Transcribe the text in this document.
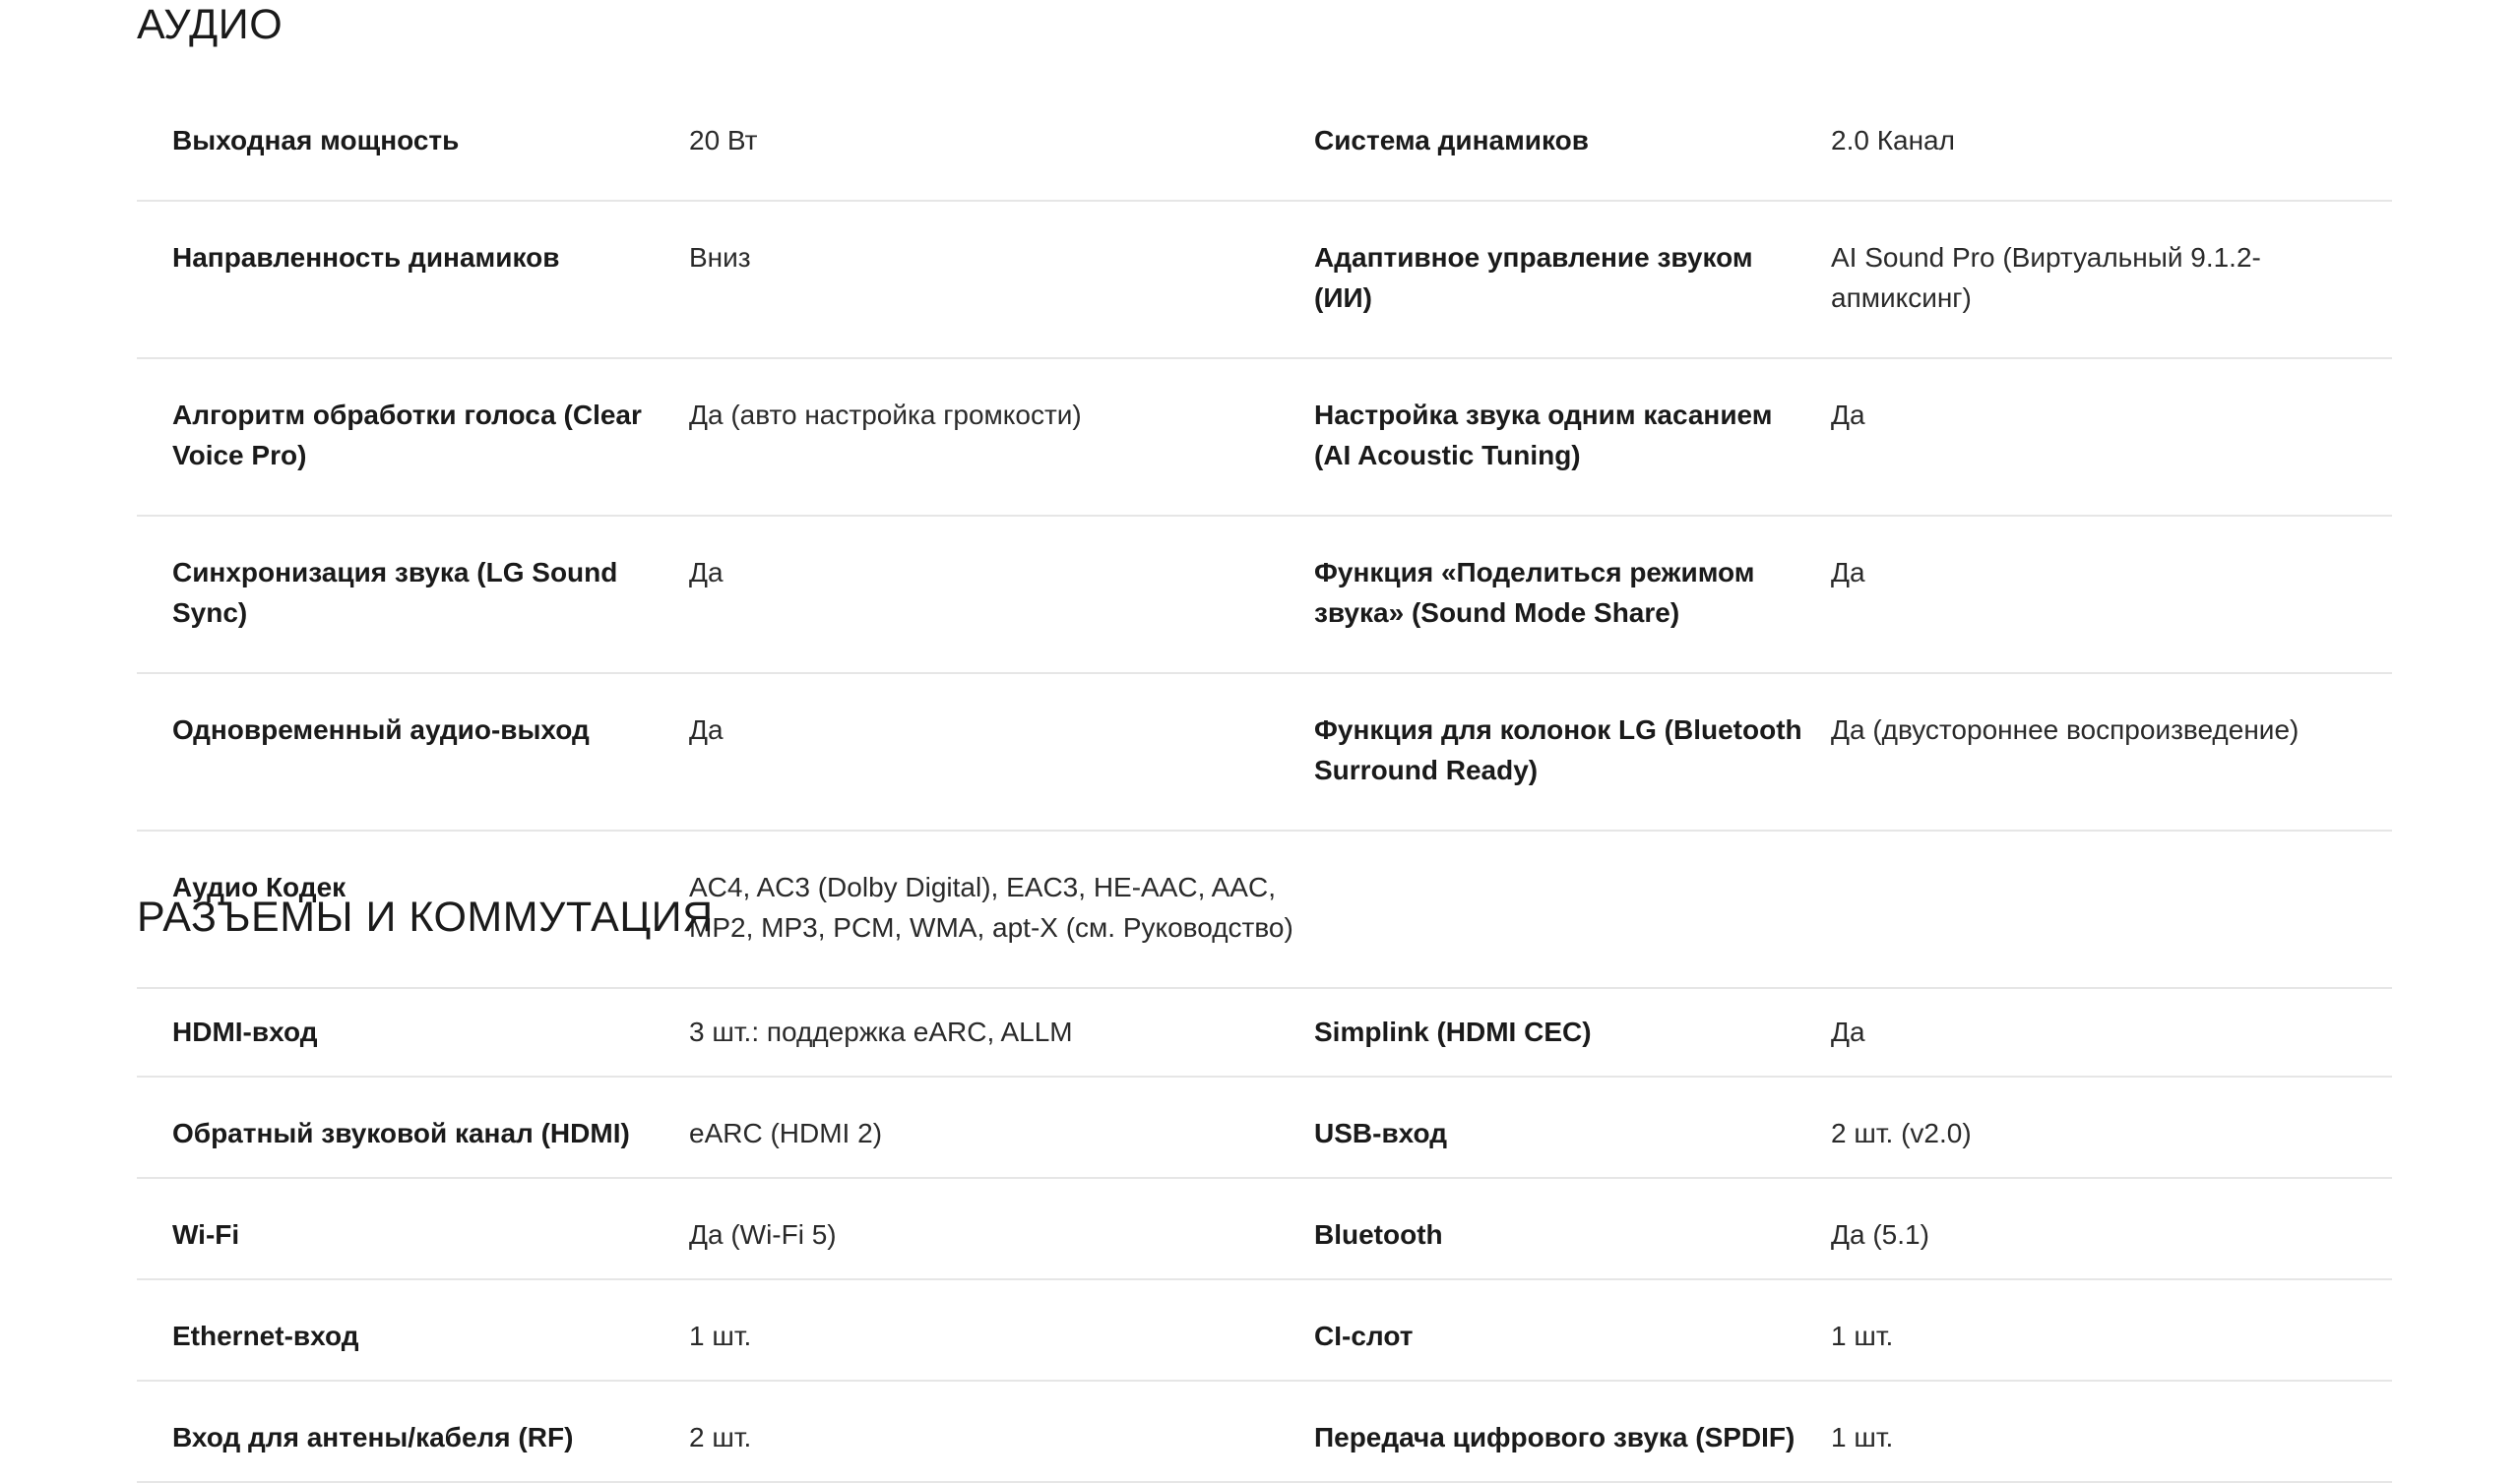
АУДИО
Выходная мощность	20 Вт	Система динамиков	2.0 Канал
Направленность динамиков	Вниз	Адаптивное управление звуком (ИИ)	AI Sound Pro (Виртуальный 9.1.2-апмиксинг)
Алгоритм обработки голоса (Clear Voice Pro)	Да (авто настройка громкости)	Настройка звука одним касанием (AI Acoustic Tuning)	Да
Синхронизация звука (LG Sound Sync)	Да	Функция «Поделиться режимом звука» (Sound Mode Share)	Да
Одновременный аудио-выход	Да	Функция для колонок LG (Bluetooth Surround Ready)	Да (двустороннее воспроизведение)
Аудио Кодек	AC4, AC3 (Dolby Digital), EAC3, HE-AAC, AAC, MP2, MP3, PCM, WMA, apt-X (см. Руководство)		
РАЗЪЕМЫ И КОММУТАЦИЯ
HDMI-вход	3 шт.: поддержка eARC, ALLM	Simplink (HDMI CEC)	Да
Обратный звуковой канал (HDMI)	eARC (HDMI 2)	USB-вход	2 шт. (v2.0)
Wi-Fi	Да (Wi-Fi 5)	Bluetooth	Да (5.1)
Ethernet-вход	1 шт.	CI-слот	1 шт.
Вход для антены/кабеля (RF)	2 шт.	Передача цифрового звука (SPDIF)	1 шт.
